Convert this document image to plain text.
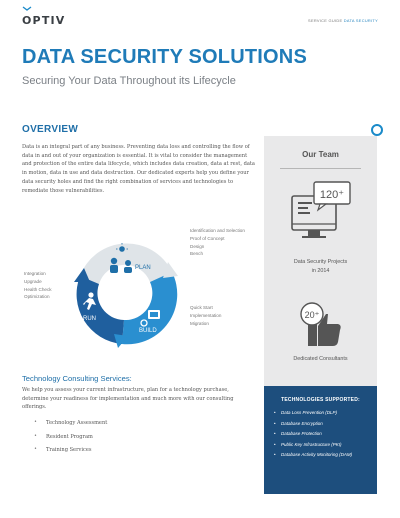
OPTIV	SERVICE GUIDE DATA SECURITY
DATA SECURITY SOLUTIONS
Securing Your Data Throughout its Lifecycle
OVERVIEW

Data is an integral part of any business. Preventing data loss and controlling the flow of data in and out of your organization is essential. It is vital to consider the management and protection of the entire data lifecycle, which includes data creation, data at rest, data in motion, data in use and data destruction. Our dedicated experts help you define your data security holes and find the right combination of services and technologies to remediate those vulnerabilities.

PLAN
BUILD
RUN
Identification and Selection
Proof of Concept
Design
Bench
Quick Start
Implementation
Migration
Integration
Upgrade
Health Check
Optimization
Technology Consulting Services:

We help you assess your current infrastructure, plan for a technology purchase, determine your readiness for implementation and much more with our consulting offerings.

• Technology Assessment
• Resident Program
• Training Services
Our Team
120⁺
Data Security Projects
in 2014
20⁺
Dedicated Consultants
TECHNOLOGIES SUPPORTED:
• Data Loss Prevention (DLP)
• Database Encryption
• Database Protection
• Public Key Infrastructure (PKI)
• Database Activity Monitoring (DAM)
